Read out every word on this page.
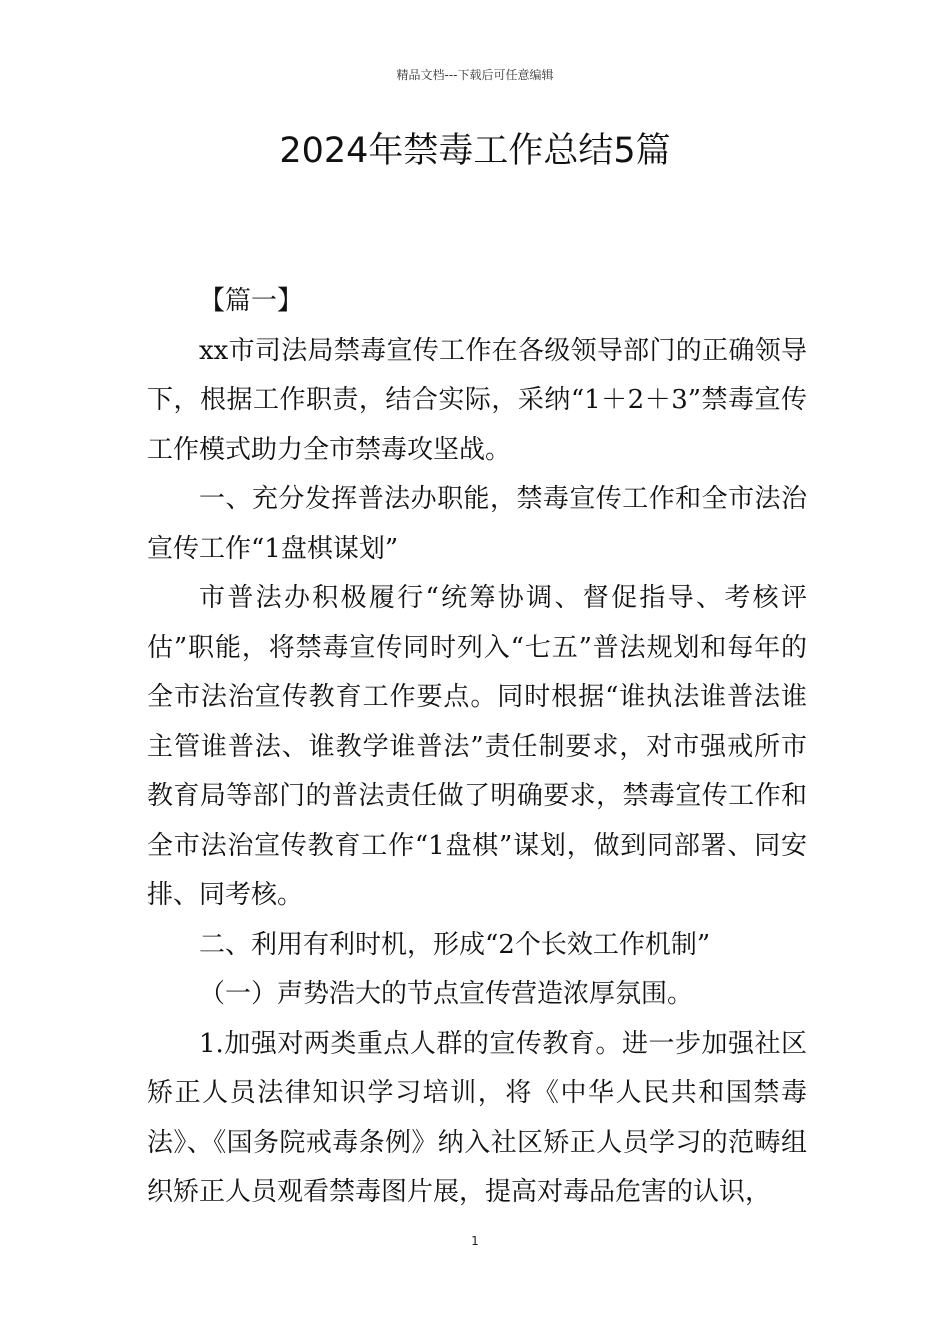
精品文档---下载后可任意编辑
2024年禁毒工作总结5篇

【篇一】

xx市司法局禁毒宣传工作在各级领导部门的正确领导下，根据工作职责，结合实际，采纳“1＋2＋3”禁毒宣传工作模式助力全市禁毒攻坚战。

一、充分发挥普法办职能，禁毒宣传工作和全市法治宣传工作“1盘棋谋划”

市普法办积极履行“统筹协调、督促指导、考核评估”职能，将禁毒宣传同时列入“七五”普法规划和每年的全市法治宣传教育工作要点。同时根据“谁执法谁普法谁主管谁普法、谁教学谁普法”责任制要求，对市强戒所市教育局等部门的普法责任做了明确要求，禁毒宣传工作和全市法治宣传教育工作“1盘棋”谋划，做到同部署、同安排、同考核。

二、利用有利时机，形成“2个长效工作机制”

（一）声势浩大的节点宣传营造浓厚氛围。

1.加强对两类重点人群的宣传教育。进一步加强社区矫正人员法律知识学习培训，将《中华人民共和国禁毒法》、《国务院戒毒条例》纳入社区矫正人员学习的范畴组织矫正人员观看禁毒图片展，提高对毒品危害的认识，

1
